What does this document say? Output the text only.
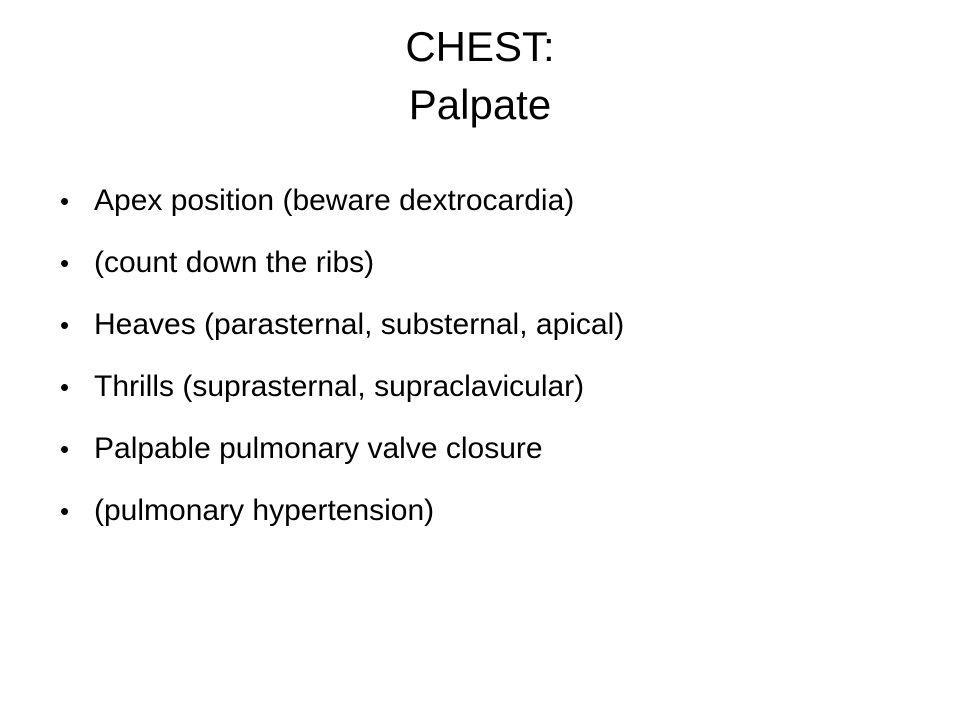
CHEST:
Palpate
• Apex position (beware dextrocardia)
• (count down the ribs)
• Heaves (parasternal, substernal, apical)
• Thrills (suprasternal, supraclavicular)
• Palpable pulmonary valve closure
• (pulmonary hypertension)
